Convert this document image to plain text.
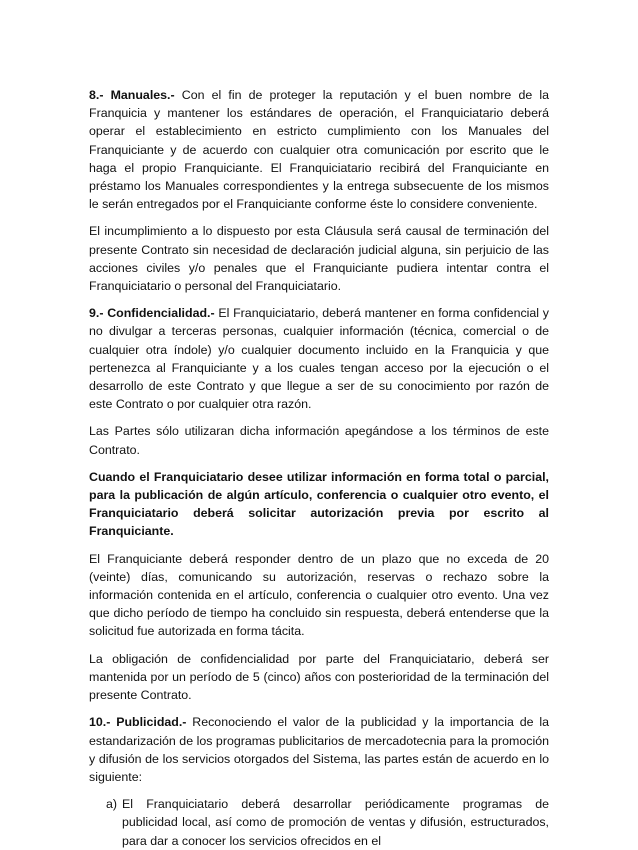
8.- Manuales.- Con el fin de proteger la reputación y el buen nombre de la Franquicia y mantener los estándares de operación, el Franquiciatario deberá operar el establecimiento en estricto cumplimiento con los Manuales del Franquiciante y de acuerdo con cualquier otra comunicación por escrito que le haga el propio Franquiciante. El Franquiciatario recibirá del Franquiciante en préstamo los Manuales correspondientes y la entrega subsecuente de los mismos le serán entregados por el Franquiciante conforme éste lo considere conveniente.

El incumplimiento a lo dispuesto por esta Cláusula será causal de terminación del presente Contrato sin necesidad de declaración judicial alguna, sin perjuicio de las acciones civiles y/o penales que el Franquiciante pudiera intentar contra el Franquiciatario o personal del Franquiciatario.

9.- Confidencialidad.- El Franquiciatario, deberá mantener en forma confidencial y no divulgar a terceras personas, cualquier información (técnica, comercial o de cualquier otra índole) y/o cualquier documento incluido en la Franquicia y que pertenezca al Franquiciante y a los cuales tengan acceso por la ejecución o el desarrollo de este Contrato y que llegue a ser de su conocimiento por razón de este Contrato o por cualquier otra razón.

Las Partes sólo utilizaran dicha información apegándose a los términos de este Contrato.

Cuando el Franquiciatario desee utilizar información en forma total o parcial, para la publicación de algún artículo, conferencia o cualquier otro evento, el Franquiciatario deberá solicitar autorización previa por escrito al Franquiciante.

El Franquiciante deberá responder dentro de un plazo que no exceda de 20 (veinte) días, comunicando su autorización, reservas o rechazo sobre la información contenida en el artículo, conferencia o cualquier otro evento. Una vez que dicho período de tiempo ha concluido sin respuesta, deberá entenderse que la solicitud fue autorizada en forma tácita.

La obligación de confidencialidad por parte del Franquiciatario, deberá ser mantenida por un período de 5 (cinco) años con posterioridad de la terminación del presente Contrato.

10.- Publicidad.- Reconociendo el valor de la publicidad y la importancia de la estandarización de los programas publicitarios de mercadotecnia para la promoción y difusión de los servicios otorgados del Sistema, las partes están de acuerdo en lo siguiente:

a) El Franquiciatario deberá desarrollar periódicamente programas de publicidad local, así como de promoción de ventas y difusión, estructurados, para dar a conocer los servicios ofrecidos en el
